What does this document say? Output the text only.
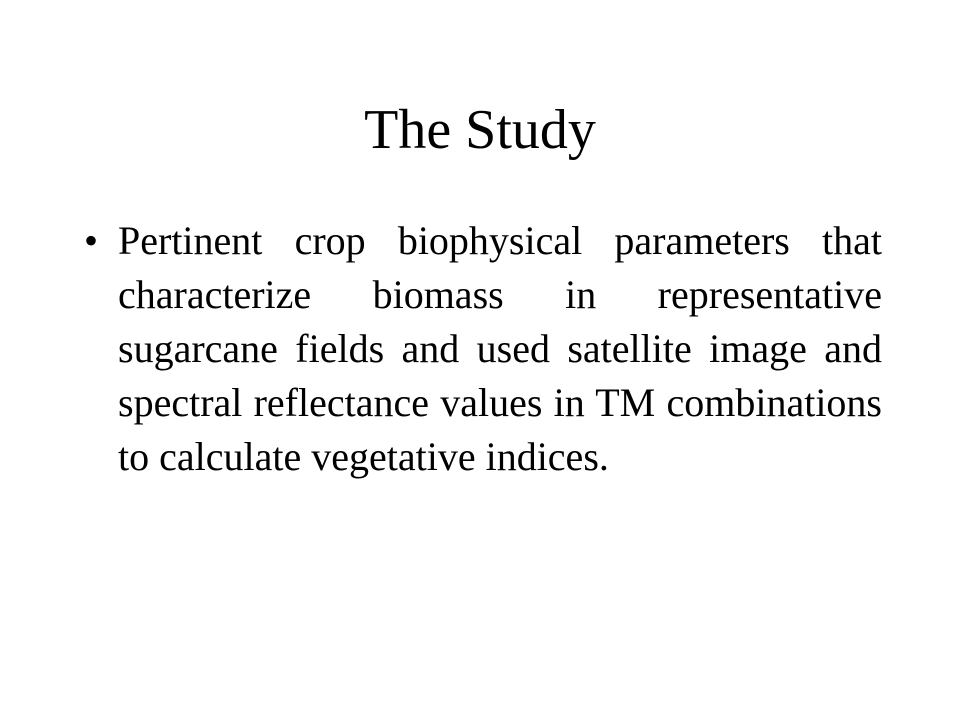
The Study
• Pertinent crop biophysical parameters that characterize biomass in representative sugarcane fields and used satellite image and spectral reflectance values in TM combinations to calculate vegetative indices.
